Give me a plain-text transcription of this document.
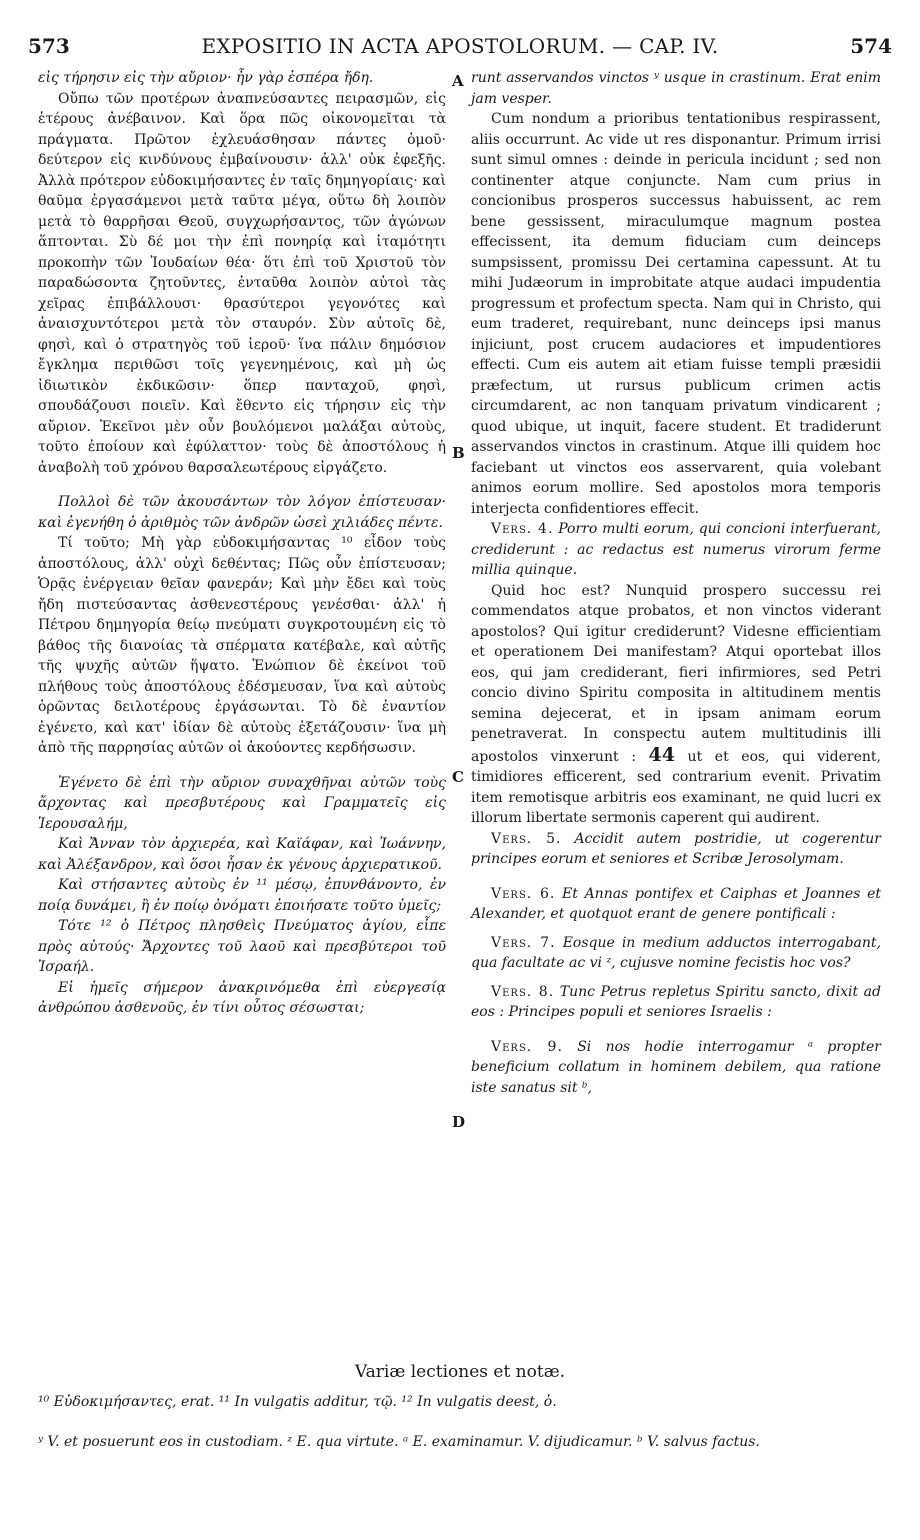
573	EXPOSITIO IN ACTA APOSTOLORUM. — CAP. IV.	574
A
B
C
D

εἰς τήρησιν εἰς τὴν αὔριον· ἦν γὰρ ἑσπέρα ἤδη.

Οὔπω τῶν προτέρων ἀναπνεύσαντες πειρασμῶν, εἰς ἑτέρους ἀνέβαινον. Καὶ ὅρα πῶς οἰκονομεῖται τὰ πράγματα. Πρῶτον ἐχλευάσθησαν πάντες ὁμοῦ· δεύτερον εἰς κινδύνους ἐμβαίνουσιν· ἀλλ' οὐκ ἐφεξῆς. Ἀλλὰ πρότερον εὐδοκιμήσαντες ἐν ταῖς δημηγορίαις· καὶ θαῦμα ἐργασάμενοι μετὰ ταῦτα μέγα, οὕτω δὴ λοιπὸν μετὰ τὸ θαρρῆσαι Θεοῦ, συγχωρήσαντος, τῶν ἀγώνων ἅπτονται. Σὺ δέ μοι τὴν ἐπὶ πονηρίᾳ καὶ ἰταμότητι προκοπὴν τῶν Ἰουδαίων θέα· ὅτι ἐπὶ τοῦ Χριστοῦ τὸν παραδώσοντα ζητοῦντες, ἐνταῦθα λοιπὸν αὐτοὶ τὰς χεῖρας ἐπιβάλλουσι· θρασύτεροι γεγονότες καὶ ἀναισχυντότεροι μετὰ τὸν σταυρόν. Σὺν αὐτοῖς δὲ, φησὶ, καὶ ὁ στρατηγὸς τοῦ ἱεροῦ· ἵνα πάλιν δημόσιον ἔγκλημα περιθῶσι τοῖς γεγενημένοις, καὶ μὴ ὡς ἰδιωτικὸν ἐκδικῶσιν· ὅπερ πανταχοῦ, φησὶ, σπουδάζουσι ποιεῖν. Καὶ ἔθεντο εἰς τήρησιν εἰς τὴν αὔριον. Ἐκεῖνοι μὲν οὖν βουλόμενοι μαλάξαι αὐτοὺς, τοῦτο ἐποίουν καὶ ἐφύλαττον· τοὺς δὲ ἀποστόλους ἡ ἀναβολὴ τοῦ χρόνου θαρσαλεωτέρους εἰργάζετο.

Πολλοὶ δὲ τῶν ἀκουσάντων τὸν λόγον ἐπίστευσαν· καὶ ἐγενήθη ὁ ἀριθμὸς τῶν ἀνδρῶν ὡσεὶ χιλιάδες πέντε.

Τί τοῦτο; Μὴ γὰρ εὐδοκιμήσαντας ¹⁰ εἶδον τοὺς ἀποστόλους, ἀλλ' οὐχὶ δεθέντας; Πῶς οὖν ἐπίστευσαν; Ὁρᾷς ἐνέργειαν θεῖαν φανεράν; Καὶ μὴν ἔδει καὶ τοὺς ἤδη πιστεύσαντας ἀσθενεστέρους γενέσθαι· ἀλλ' ἡ Πέτρου δημηγορία θείῳ πνεύματι συγκροτουμένη εἰς τὸ βάθος τῆς διανοίας τὰ σπέρματα κατέβαλε, καὶ αὐτῆς τῆς ψυχῆς αὐτῶν ἥψατο. Ἐνώπιον δὲ ἐκείνοι τοῦ πλήθους τοὺς ἀποστόλους ἐδέσμευσαν, ἵνα καὶ αὐτοὺς ὁρῶντας δειλοτέρους ἐργάσωνται. Τὸ δὲ ἐναντίον ἐγένετο, καὶ κατ' ἰδίαν δὲ αὐτοὺς ἐξετάζουσιν· ἵνα μὴ ἀπὸ τῆς παρρησίας αὐτῶν οἱ ἀκούοντες κερδήσωσιν.

Ἐγένετο δὲ ἐπὶ τὴν αὔριον συναχθῆναι αὐτῶν τοὺς ἄρχοντας καὶ πρεσβυτέρους καὶ Γραμματεῖς εἰς Ἱερουσαλήμ,

Καὶ Ἄνναν τὸν ἀρχιερέα, καὶ Καϊάφαν, καὶ Ἰωάννην, καὶ Ἀλέξανδρον, καὶ ὅσοι ἦσαν ἐκ γένους ἀρχιερατικοῦ.

Καὶ στήσαντες αὐτοὺς ἐν ¹¹ μέσῳ, ἐπυνθάνοντο, ἐν ποίᾳ δυνάμει, ἢ ἐν ποίῳ ὀνόματι ἐποιήσατε τοῦτο ὑμεῖς;

Τότε ¹² ὁ Πέτρος πλησθεὶς Πνεύματος ἁγίου, εἶπε πρὸς αὐτούς· Ἄρχοντες τοῦ λαοῦ καὶ πρεσβύτεροι τοῦ Ἰσραήλ.

Εἰ ἡμεῖς σήμερον ἀνακρινόμεθα ἐπὶ εὐεργεσίᾳ ἀνθρώπου ἀσθενοῦς, ἐν τίνι οὗτος σέσωσται;

runt asservandos vinctos ʸ usque in crastinum. Erat enim jam vesper.

Cum nondum a prioribus tentationibus respirassent, aliis occurrunt. Ac vide ut res disponantur. Primum irrisi sunt simul omnes : deinde in pericula incidunt ; sed non continenter atque conjuncte. Nam cum prius in concionibus prosperos successus habuissent, ac rem bene gessissent, miraculumque magnum postea effecissent, ita demum fiduciam cum deinceps sumpsissent, promissu Dei certamina capessunt. At tu mihi Judæorum in improbitate atque audaci impudentia progressum et profectum specta. Nam qui in Christo, qui eum traderet, requirebant, nunc deinceps ipsi manus injiciunt, post crucem audaciores et impudentiores effecti. Cum eis autem ait etiam fuisse templi præsidii præfectum, ut rursus publicum crimen actis circumdarent, ac non tanquam privatum vindicarent ; quod ubique, ut inquit, facere student. Et tradiderunt asservandos vinctos in crastinum. Atque illi quidem hoc faciebant ut vinctos eos asservarent, quia volebant animos eorum mollire. Sed apostolos mora temporis interjecta confidentiores effecit.

Vers. 4. Porro multi eorum, qui concioni interfuerant, crediderunt : ac redactus est numerus virorum ferme millia quinque.

Quid hoc est? Nunquid prospero successu rei commendatos atque probatos, et non vinctos viderant apostolos? Qui igitur crediderunt? Videsne efficientiam et operationem Dei manifestam? Atqui oportebat illos eos, qui jam crediderant, fieri infirmiores, sed Petri concio divino Spiritu composita in altitudinem mentis semina dejecerat, et in ipsam animam eorum penetraverat. In conspectu autem multitudinis illi apostolos vinxerunt : 44 ut et eos, qui viderent, timidiores efficerent, sed contrarium evenit. Privatim item remotisque arbitris eos examinant, ne quid lucri ex illorum libertate sermonis caperent qui audirent.

Vers. 5. Accidit autem postridie, ut cogerentur principes eorum et seniores et Scribæ Jerosolymam.

Vers. 6. Et Annas pontifex et Caiphas et Joannes et Alexander, et quotquot erant de genere pontificali :

Vers. 7. Eosque in medium adductos interrogabant, qua facultate ac vi ᶻ, cujusve nomine fecistis hoc vos?

Vers. 8. Tunc Petrus repletus Spiritu sancto, dixit ad eos : Principes populi et seniores Israelis :

Vers. 9. Si nos hodie interrogamur ᵃ propter beneficium collatum in hominem debilem, qua ratione iste sanatus sit ᵇ,

Variæ lectiones et notæ.
¹⁰ Εὐδοκιμήσαντες, erat. ¹¹ In vulgatis additur, τῷ. ¹² In vulgatis deest, ὁ.
ʸ V. et posuerunt eos in custodiam. ᶻ E. qua virtute. ᵃ E. examinamur. V. dijudicamur. ᵇ V. salvus factus.
